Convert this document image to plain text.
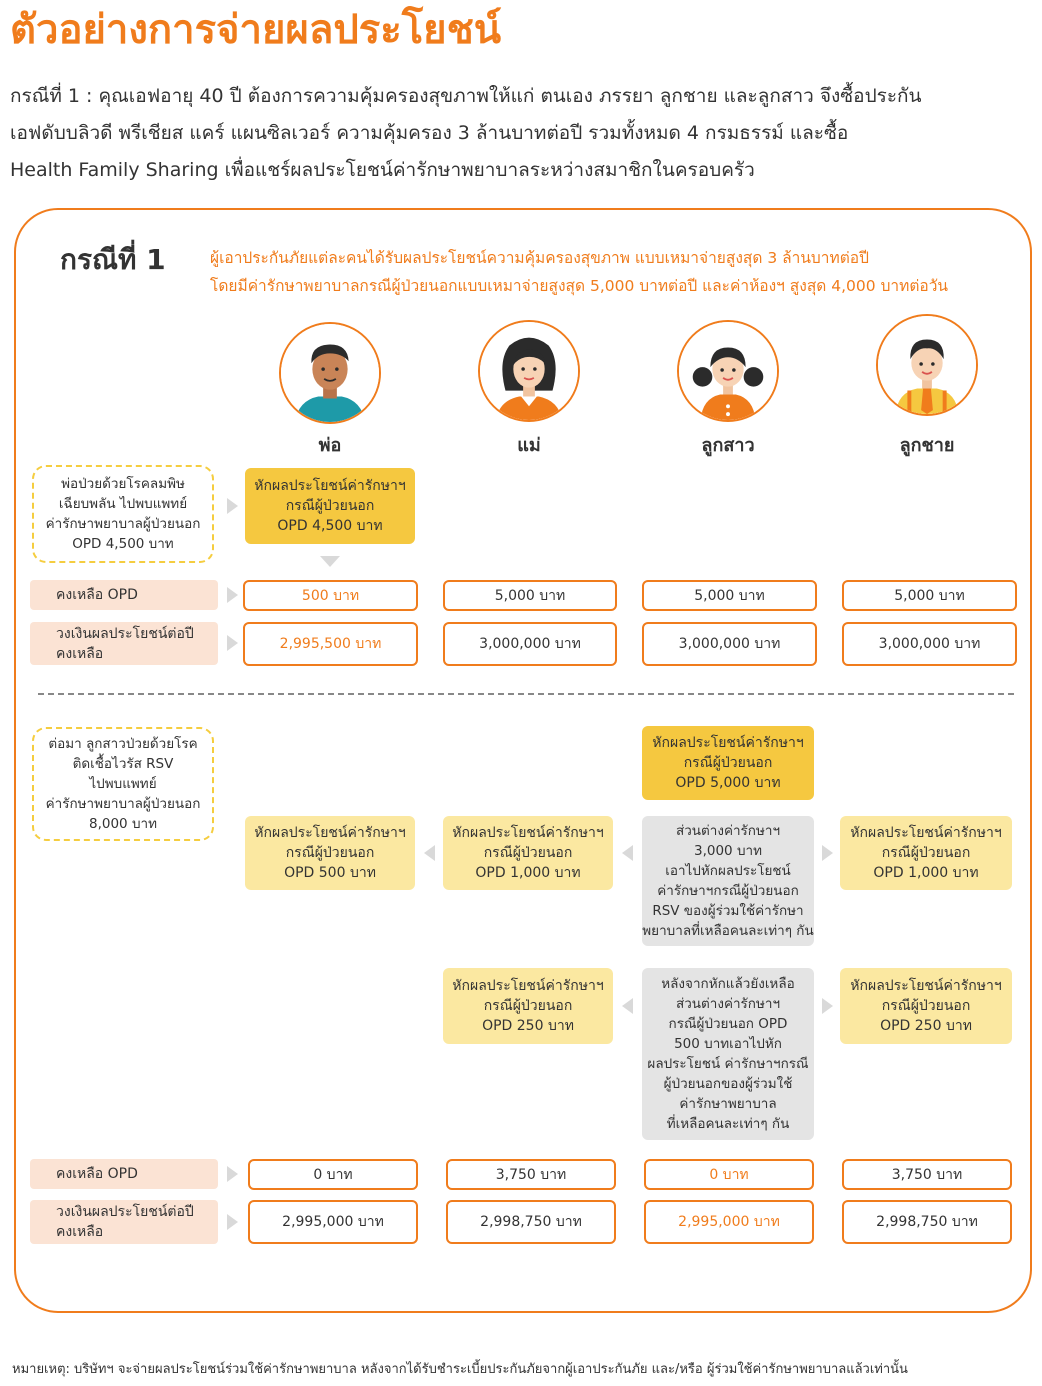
ตัวอย่างการจ่ายผลประโยชน์
กรณีที่ 1 : คุณเอฟอายุ 40 ปี ต้องการความคุ้มครองสุขภาพให้แก่ ตนเอง ภรรยา ลูกชาย และลูกสาว จึงซื้อประกัน
เอฟดับบลิวดี พรีเชียส แคร์ แผนซิลเวอร์ ความคุ้มครอง 3 ล้านบาทต่อปี รวมทั้งหมด 4 กรมธรรม์ และซื้อ
Health Family Sharing เพื่อแชร์ผลประโยชน์ค่ารักษาพยาบาลระหว่างสมาชิกในครอบครัว
กรณีที่ 1	ผู้เอาประกันภัยแต่ละคนได้รับผลประโยชน์ความคุ้มครองสุขภาพ แบบเหมาจ่ายสูงสุด 3 ล้านบาทต่อปี
โดยมีค่ารักษาพยาบาลกรณีผู้ป่วยนอกแบบเหมาจ่ายสูงสุด 5,000 บาทต่อปี และค่าห้องฯ สูงสุด 4,000 บาทต่อวัน
พ่อ	แม่	ลูกสาว	ลูกชาย
พ่อป่วยด้วยโรคลมพิษ
เฉียบพลัน ไปพบแพทย์
ค่ารักษาพยาบาลผู้ป่วยนอก
OPD 4,500 บาท
หักผลประโยชน์ค่ารักษาฯ
กรณีผู้ป่วยนอก
OPD 4,500 บาท
คงเหลือ OPD	500 บาท	5,000 บาท	5,000 บาท	5,000 บาท
วงเงินผลประโยชน์ต่อปี
คงเหลือ
2,995,500 บาท	3,000,000 บาท	3,000,000 บาท	3,000,000 บาท
ต่อมา ลูกสาวป่วยด้วยโรค
ติดเชื้อไวรัส RSV
ไปพบแพทย์
ค่ารักษาพยาบาลผู้ป่วยนอก
8,000 บาท
หักผลประโยชน์ค่ารักษาฯ
กรณีผู้ป่วยนอก
OPD 5,000 บาท
หักผลประโยชน์ค่ารักษาฯ
กรณีผู้ป่วยนอก
OPD 500 บาท
หักผลประโยชน์ค่ารักษาฯ
กรณีผู้ป่วยนอก
OPD 1,000 บาท
ส่วนต่างค่ารักษาฯ
3,000 บาท
เอาไปหักผลประโยชน์
ค่ารักษาฯกรณีผู้ป่วยนอก
RSV ของผู้ร่วมใช้ค่ารักษา
พยาบาลที่เหลือคนละเท่าๆ กัน
หักผลประโยชน์ค่ารักษาฯ
กรณีผู้ป่วยนอก
OPD 1,000 บาท
หักผลประโยชน์ค่ารักษาฯ
กรณีผู้ป่วยนอก
OPD 250 บาท
หลังจากหักแล้วยังเหลือ
ส่วนต่างค่ารักษาฯ
กรณีผู้ป่วยนอก OPD
500 บาทเอาไปหัก
ผลประโยชน์ ค่ารักษาฯกรณี
ผู้ป่วยนอกของผู้ร่วมใช้
ค่ารักษาพยาบาล
ที่เหลือคนละเท่าๆ กัน
หักผลประโยชน์ค่ารักษาฯ
กรณีผู้ป่วยนอก
OPD 250 บาท
คงเหลือ OPD	0 บาท	3,750 บาท	0 บาท	3,750 บาท
วงเงินผลประโยชน์ต่อปี
คงเหลือ
2,995,000 บาท	2,998,750 บาท	2,995,000 บาท	2,998,750 บาท
หมายเหตุ: บริษัทฯ จะจ่ายผลประโยชน์ร่วมใช้ค่ารักษาพยาบาล หลังจากได้รับชำระเบี้ยประกันภัยจากผู้เอาประกันภัย และ/หรือ ผู้ร่วมใช้ค่ารักษาพยาบาลแล้วเท่านั้น
